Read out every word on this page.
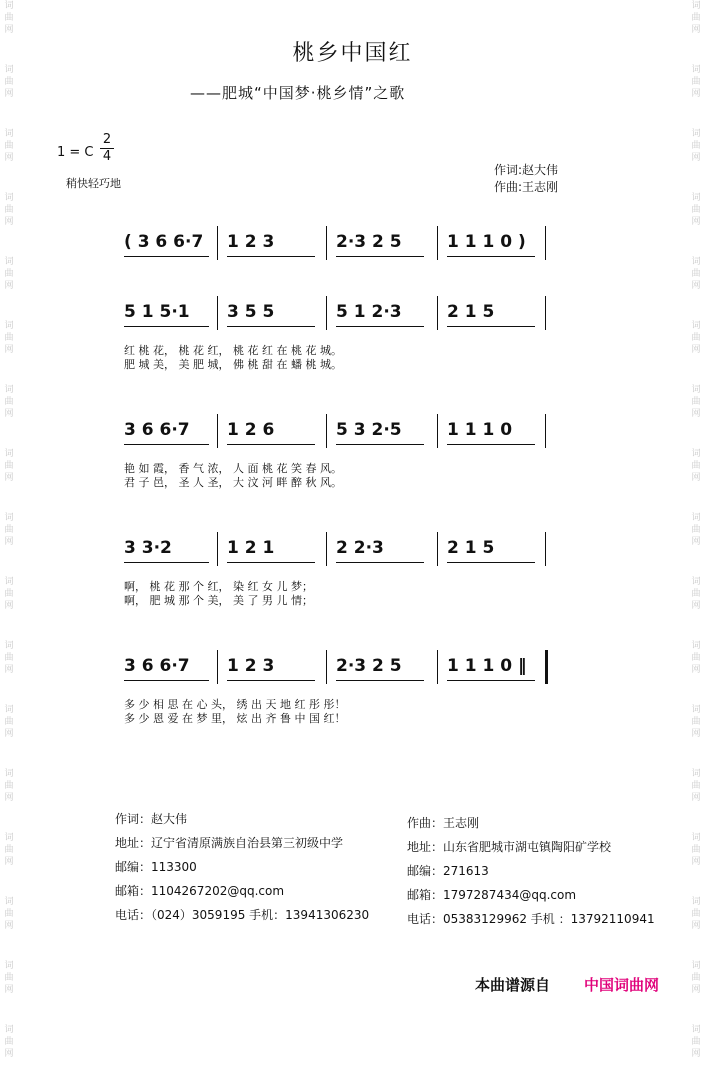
词
曲
网
词
曲
网
词
曲
网
词
曲
网
词
曲
网
词
曲
网
词
曲
网
词
曲
网
词
曲
网
词
曲
网
词
曲
网
词
曲
网
词
曲
网
词
曲
网
词
曲
网
词
曲
网
词
曲
网
词
曲
网
词
曲
网
词
曲
网
词
曲
网
词
曲
网
词
曲
网
词
曲
网
词
曲
网
词
曲
网
词
曲
网
词
曲
网
词
曲
网
词
曲
网
词
曲
网
词
曲
网
词
曲
网
词
曲
网
桃乡中国红
——肥城“中国梦·桃乡情”之歌
1 = C $\frac{2}{4}$
稍快轻巧地
作词:赵大伟
作曲:王志刚
( 3 6 6·7 1 2 3	2·3 2 5	1 1 1 0 )
5 1 5·1 3 5 5	5 1 2·3	2 1 5
红 桃 花， 桃 花 红， 桃 花 红 在 桃 花 城。
肥 城 美， 美 肥 城， 佛 桃 甜 在 蟠 桃 城。
3 6 6·7 1 2 6	5 3 2·5	1 1 1 0
艳 如 霞， 香 气 浓， 人 面 桃 花 笑 春 风。
君 子 邑， 圣 人 圣， 大 汶 河 畔 醉 秋 风。
3 3·2	1 2 1	2 2·3	2 1 5
啊， 桃 花 那 个 红， 染 红 女 儿 梦；
啊， 肥 城 那 个 美， 美 了 男 儿 情；
3 6 6·7 1 2 3	2·3 2 5	1 1 1 0 ‖
多 少 相 思 在 心 头， 绣 出 天 地 红 彤 彤！
多 少 恩 爱 在 梦 里， 炫 出 齐 鲁 中 国 红！
作词：赵大伟
地址：辽宁省清原满族自治县第三初级中学
邮编：113300
邮箱：1104267202@qq.com
电话：（024）3059195 手机：13941306230
作曲：王志刚
地址：山东省肥城市湖屯镇陶阳矿学校
邮编：271613
邮箱：1797287434@qq.com
电话：05383129962 手机 ：13792110941
本曲谱源自 中国词曲网
